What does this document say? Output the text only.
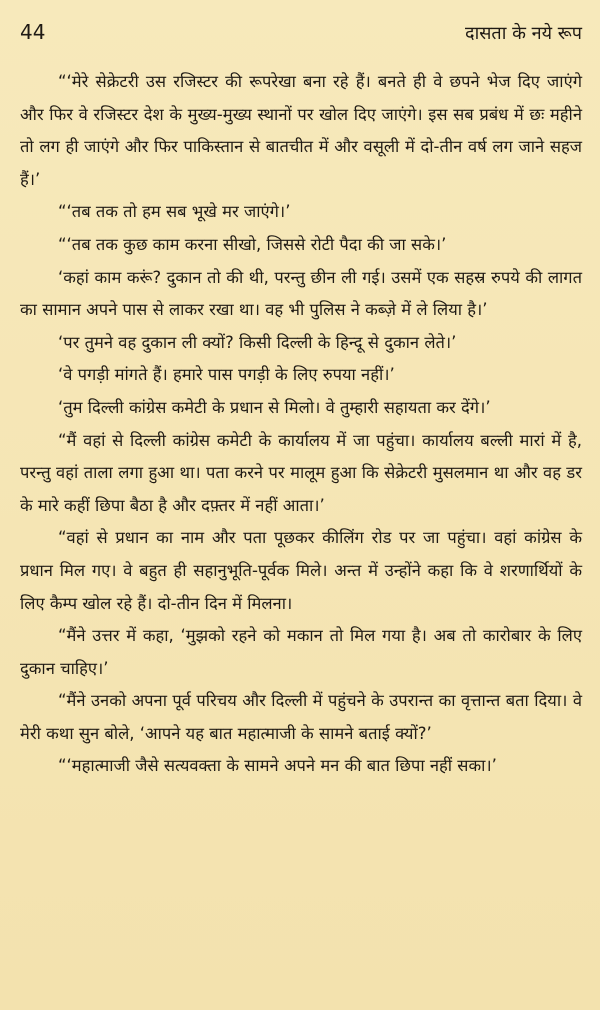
44	दासता के नये रूप

“‘मेरे सेक्रेटरी उस रजिस्टर की रूपरेखा बना रहे हैं। बनते ही वे छपने भेज दिए जाएंगे और फिर वे रजिस्टर देश के मुख्य-मुख्य स्थानों पर खोल दिए जाएंगे। इस सब प्रबंध में छः महीने तो लग ही जाएंगे और फिर पाकिस्तान से बातचीत में और वसूली में दो-तीन वर्ष लग जाने सहज हैं।’

“‘तब तक तो हम सब भूखे मर जाएंगे।’

“‘तब तक कुछ काम करना सीखो, जिससे रोटी पैदा की जा सके।’

‘कहां काम करूं? दुकान तो की थी, परन्तु छीन ली गई। उसमें एक सहस्र रुपये की लागत का सामान अपने पास से लाकर रखा था। वह भी पुलिस ने कब्ज़े में ले लिया है।’

‘पर तुमने वह दुकान ली क्यों? किसी दिल्ली के हिन्दू से दुकान लेते।’

‘वे पगड़ी मांगते हैं। हमारे पास पगड़ी के लिए रुपया नहीं।’

‘तुम दिल्ली कांग्रेस कमेटी के प्रधान से मिलो। वे तुम्हारी सहायता कर देंगे।’

“मैं वहां से दिल्ली कांग्रेस कमेटी के कार्यालय में जा पहुंचा। कार्यालय बल्ली मारां में है, परन्तु वहां ताला लगा हुआ था। पता करने पर मालूम हुआ कि सेक्रेटरी मुसलमान था और वह डर के मारे कहीं छिपा बैठा है और दफ़्तर में नहीं आता।’

“वहां से प्रधान का नाम और पता पूछकर कीलिंग रोड पर जा पहुंचा। वहां कांग्रेस के प्रधान मिल गए। वे बहुत ही सहानुभूति-पूर्वक मिले। अन्त में उन्होंने कहा कि वे शरणार्थियों के लिए कैम्प खोल रहे हैं। दो-तीन दिन में मिलना।

“मैंने उत्तर में कहा, ‘मुझको रहने को मकान तो मिल गया है। अब तो कारोबार के लिए दुकान चाहिए।’

“मैंने उनको अपना पूर्व परिचय और दिल्ली में पहुंचने के उपरान्त का वृत्तान्त बता दिया। वे मेरी कथा सुन बोले, ‘आपने यह बात महात्माजी के सामने बताई क्यों?’

“‘महात्माजी जैसे सत्यवक्ता के सामने अपने मन की बात छिपा नहीं सका।’
